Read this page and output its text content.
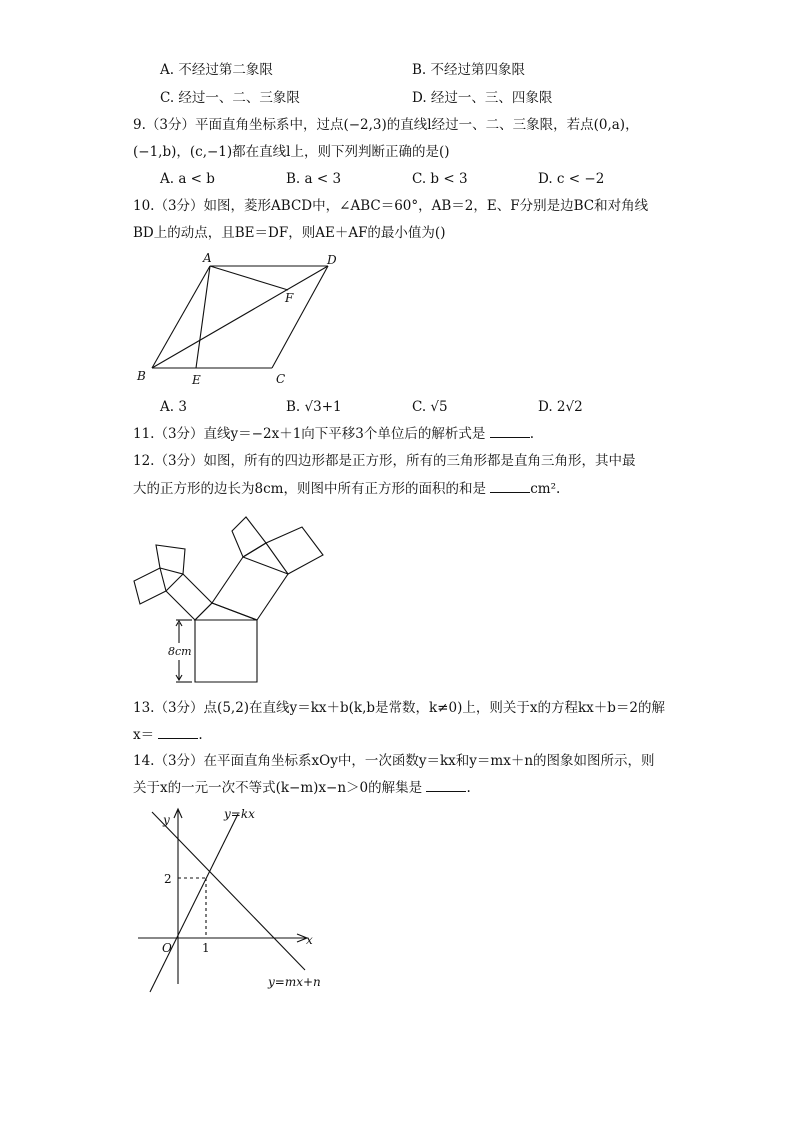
A. 不经过第二象限	B. 不经过第四象限
C. 经过一、二、三象限	D. 经过一、三、四象限
9.（3分）平面直角坐标系中，过点(−2,3)的直线l经过一、二、三象限，若点(0,a)，
(−1,b)，(c,−1)都在直线l上，则下列判断正确的是()
A. a < b	B. a < 3	C. b < 3	D. c < −2
10.（3分）如图，菱形ABCD中，∠ABC＝60°，AB＝2，E、F分别是边BC和对角线
BD上的动点，且BE＝DF，则AE＋AF的最小值为()
A	D
F
B	E	C
A. 3	B. √3+1	C. √5	D. 2√2
11.（3分）直线y＝−2x＋1向下平移3个单位后的解析式是	.
12.（3分）如图，所有的四边形都是正方形，所有的三角形都是直角三角形，其中最
大的正方形的边长为8cm，则图中所有正方形的面积的和是	cm².
8cm
13.（3分）点(5,2)在直线y＝kx＋b(k,b是常数，k≠0)上，则关于x的方程kx＋b＝2的解
x＝	.
14.（3分）在平面直角坐标系xOy中，一次函数y＝kx和y＝mx＋n的图象如图所示，则
关于x的一元一次不等式(k−m)x−n＞0的解集是	.
y
x
O	1
2
y=kx
y=mx+n
